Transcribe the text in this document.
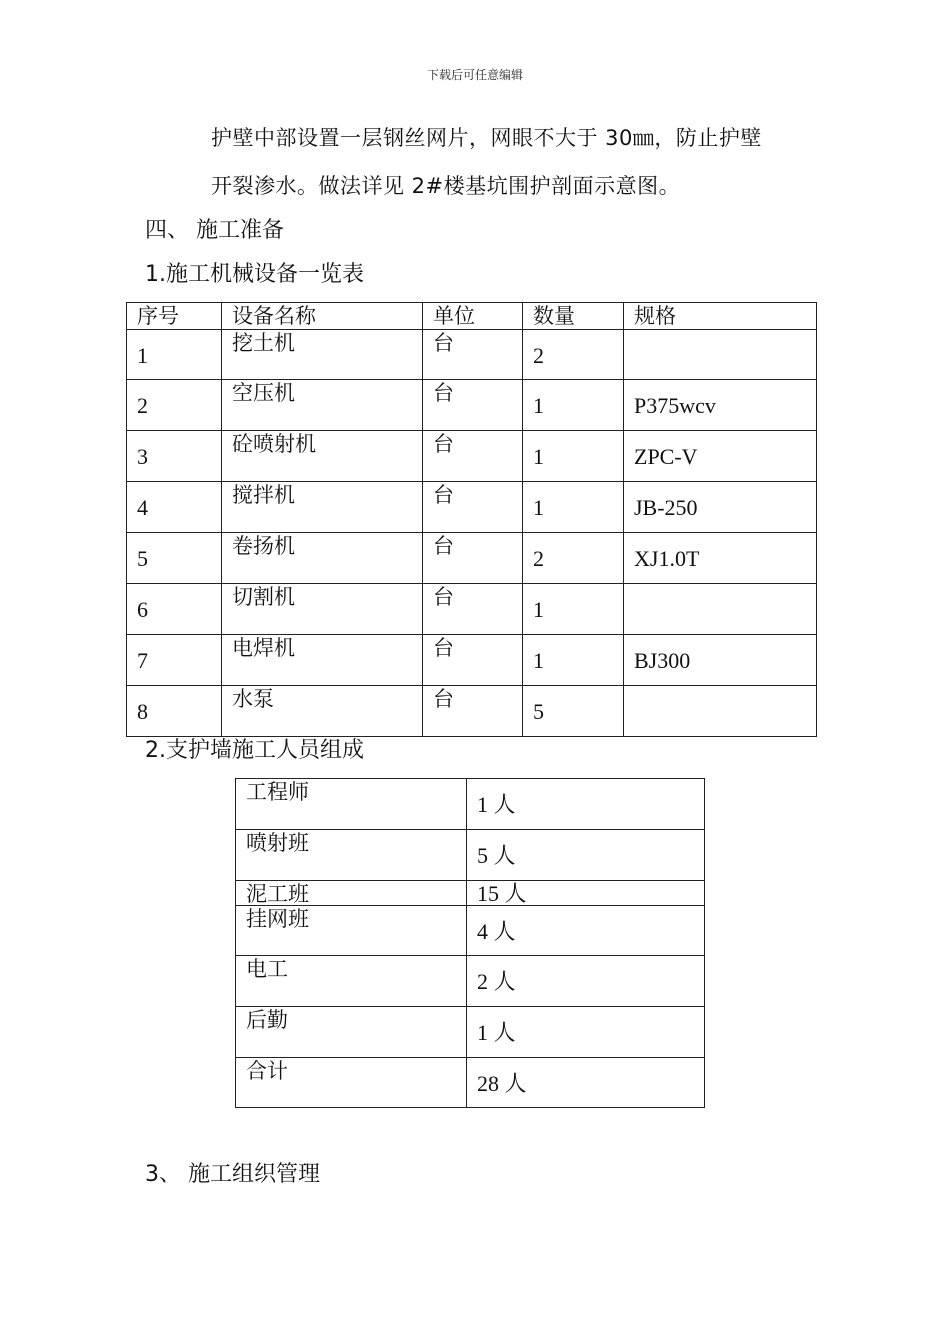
下载后可任意编辑
护壁中部设置一层钢丝网片，网眼不大于 30㎜，防止护壁
开裂渗水。做法详见 2#楼基坑围护剖面示意图。
四、 施工准备
1.施工机械设备一览表
序号	设备名称	单位	数量	规格

1	挖土机	台	2	

2	空压机	台	1	P375wcv

3	砼喷射机	台	1	ZPC-V

4	搅拌机	台	1	JB-250

5	卷扬机	台	2	XJ1.0T

6	切割机	台	1	

7	电焊机	台	1	BJ300

8	水泵	台	5	

2.支护墙施工人员组成
工程师	1 人

喷射班	5 人

泥工班	15 人

挂网班	4 人

电工	2 人

后勤	1 人

合计	28 人
3、 施工组织管理
